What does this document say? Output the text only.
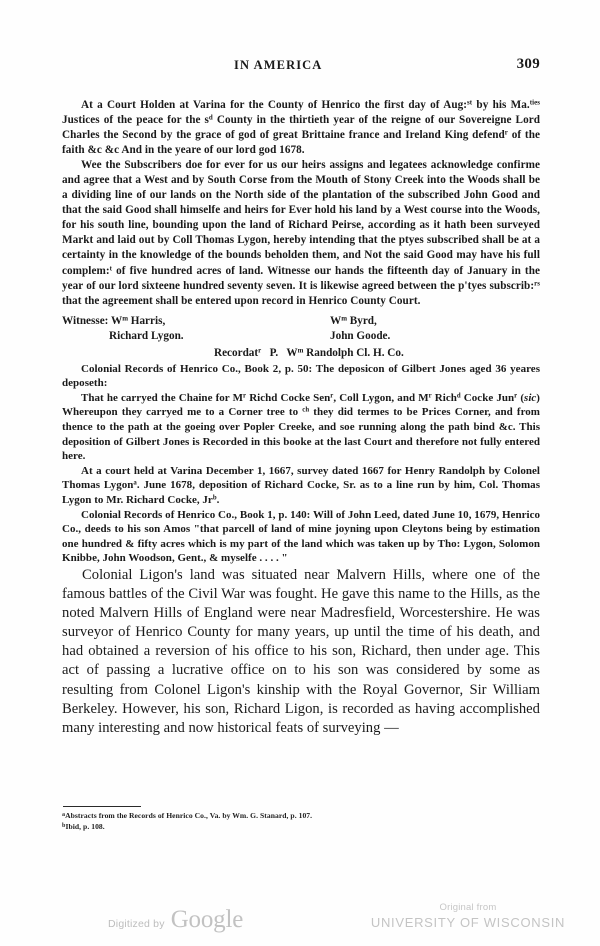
IN AMERICA	309

At a Court Holden at Varina for the County of Henrico the first day of Aug:$^{st}$ by his Ma.$^{ties}$ Justices of the peace for the $s^d$ County in the thirtieth year of the reigne of our Sovereigne Lord Charles the Second by the grace of god of great Brittaine france and Ireland King defend$^r$ of the faith &c &c And in the yeare of our lord god 1678.

Wee the Subscribers doe for ever for us our heirs assigns and legatees acknowledge confirme and agree that a West and by South Corse from the Mouth of Stony Creek into the Woods shall be a dividing line of our lands on the North side of the plantation of the subscribed John Good and that the said Good shall himselfe and heirs for Ever hold his land by a West course into the Woods, for his south line, bounding upon the land of Richard Peirse, according as it hath been surveyed Markt and laid out by Coll Thomas Lygon, hereby intending that the ptyes subscribed shall be at a certainty in the knowledge of the bounds beholden them, and Not the said Good may have his full complem:$^t$ of five hundred acres of land. Witnesse our hands the fifteenth day of January in the year of our lord sixteene hundred seventy seven. It is likewise agreed between the p'tyes subscrib:$^{rs}$ that the agreement shall be entered upon record in Henrico County Court.

Witnesse: $W^m$ Harris,
Richard Lygon.
$W^m$ Byrd,
John Goode.

Recordat$^r$   P.   $W^m$ Randolph Cl. H. Co.

Colonial Records of Henrico Co., Book 2, p. 50: The deposicon of Gilbert Jones aged 36 yeares deposeth:

That he carryed the Chaine for $M^r$ Richd Cocke Sen$^r$, Coll Lygon, and $M^r$ Rich$^d$ Cocke Jun$^r$ (sic) Whereupon they carryed me to a Corner tree to $^{ch}$ they did termes to be Prices Corner, and from thence to the path at the goeing over Popler Creeke, and soe running along the path bind &c. This deposition of Gilbert Jones is Recorded in this booke at the last Court and therefore not fully entered here.

At a court held at Varina December 1, 1667, survey dated 1667 for Henry Randolph by Colonel Thomas Lygon$^a$. June 1678, deposition of Richard Cocke, Sr. as to a line run by him, Col. Thomas Lygon to Mr. Richard Cocke, Jr$^b$.

Colonial Records of Henrico Co., Book 1, p. 140: Will of John Leed, dated June 10, 1679, Henrico Co., deeds to his son Amos "that parcell of land of mine joyning upon Cleytons being by estimation one hundred & fifty acres which is my part of the land which was taken up by Tho: Lygon, Solomon Knibbe, John Woodson, Gent., & myselfe . . . . "

Colonial Ligon's land was situated near Malvern Hills, where one of the famous battles of the Civil War was fought. He gave this name to the Hills, as the noted Malvern Hills of England were near Madresfield, Worcestershire. He was surveyor of Henrico County for many years, up until the time of his death, and had obtained a reversion of his office to his son, Richard, then under age. This act of passing a lucrative office on to his son was considered by some as resulting from Colonel Ligon's kinship with the Royal Governor, Sir William Berkeley. However, his son, Richard Ligon, is recorded as having accomplished many interesting and now historical feats of surveying —

$^a$Abstracts from the Records of Henrico Co., Va. by Wm. G. Stanard, p. 107.

$^b$Ibid, p. 108.

Digitized by Google	Original from
UNIVERSITY OF WISCONSIN
